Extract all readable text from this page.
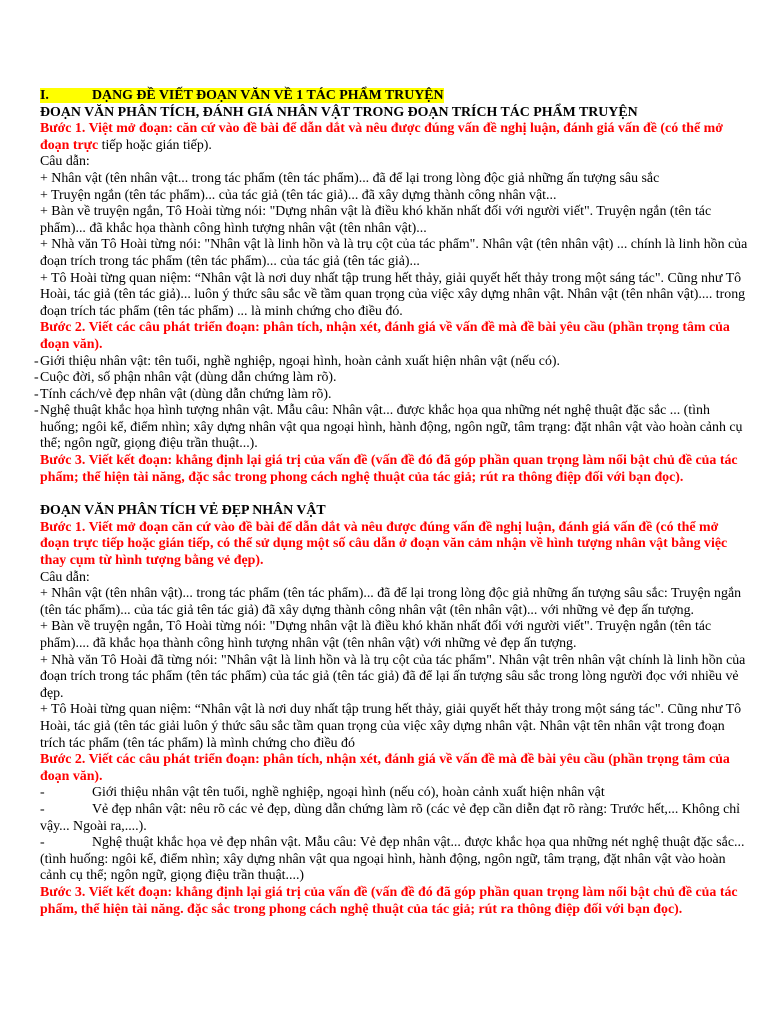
I.	DẠNG ĐỀ VIẾT ĐOẠN VĂN VỀ 1 TÁC PHẨM TRUYỆN

ĐOẠN VĂN PHÂN TÍCH, ĐÁNH GIÁ NHÂN VẬT TRONG ĐOẠN TRÍCH TÁC PHẨM TRUYỆN

Bước 1. Việt mở đoạn: căn cứ vào đề bài để dẫn dắt và nêu được đúng vấn đề nghị luận, đánh giá vấn đề (có thể mở đoạn trực tiếp hoặc gián tiếp).

Câu dẫn:

+ Nhân vật (tên nhân vật... trong tác phẩm (tên tác phẩm)... đã để lại trong lòng độc giả những ấn tượng sâu sắc

+ Truyện ngắn (tên tác phẩm)... của tác giả (tên tác giả)... đã xây dựng thành công nhân vật...

+ Bàn về truyện ngắn, Tô Hoài từng nói: "Dựng nhân vật là điều khó khăn nhất đối với người viết". Truyện ngắn (tên tác phẩm)... đã khắc họa thành công hình tượng nhân vật (tên nhân vật)...

+ Nhà văn Tô Hoài từng nói: "Nhân vật là linh hồn và là trụ cột của tác phẩm". Nhân vật (tên nhân vật) ... chính là linh hồn của đoạn trích trong tác phẩm (tên tác phẩm)... của tác giả (tên tác giả)...

+ Tô Hoài từng quan niệm: “Nhân vật là nơi duy nhất tập trung hết thảy, giải quyết hết thảy trong một sáng tác". Cũng như Tô Hoài, tác giả (tên tác giả)... luôn ý thức sâu sắc về tầm quan trọng của việc xây dựng nhân vật. Nhân vật (tên nhân vật).... trong đoạn trích tác phẩm (tên tác phẩm) ... là minh chứng cho điều đó.

Bước 2. Viết các câu phát triển đoạn: phân tích, nhận xét, đánh giá về vấn đề mà đề bài yêu cầu (phần trọng tâm của đoạn văn).

-Giới thiệu nhân vật: tên tuổi, nghề nghiệp, ngoại hình, hoàn cảnh xuất hiện nhân vật (nếu có).

-Cuộc đời, số phận nhân vật (dùng dẫn chứng làm rõ).

-Tính cách/vẻ đẹp nhân vật (dùng dẫn chứng làm rõ).

-Nghệ thuật khắc họa hình tượng nhân vật. Mẫu câu: Nhân vật... được khắc họa qua những nét nghệ thuật đặc sắc ... (tình huống; ngôi kể, điểm nhìn; xây dựng nhân vật qua ngoại hình, hành động, ngôn ngữ, tâm trạng: đặt nhân vật vào hoàn cảnh cụ thể; ngôn ngữ, giọng điệu trần thuật...).

Bước 3. Viết kết đoạn: khẳng định lại giá trị của vấn đề (vấn đề đó đã góp phần quan trọng làm nổi bật chủ đề của tác phẩm; thể hiện tài năng, đặc sắc trong phong cách nghệ thuật của tác giả; rút ra thông điệp đối với bạn đọc).

ĐOẠN VĂN PHÂN TÍCH VẺ ĐẸP NHÂN VẬT

Bước 1. Viết mở đoạn căn cứ vào đề bài để dẫn dắt và nêu được đúng vấn đề nghị luận, đánh giá vấn đề (có thể mở đoạn trực tiếp hoặc gián tiếp, có thể sử dụng một số câu dẫn ở đoạn văn cảm nhận về hình tượng nhân vật bằng việc thay cụm từ hình tượng bằng vẻ đẹp).

Câu dẫn:

+ Nhân vật (tên nhân vật)... trong tác phẩm (tên tác phẩm)... đã để lại trong lòng độc giả những ấn tượng sâu sắc: Truyện ngắn (tên tác phẩm)... của tác giả tên tác giả) đã xây dựng thành công nhân vật (tên nhân vật)... với những vẻ đẹp ấn tượng.

+ Bàn về truyện ngắn, Tô Hoài từng nói: "Dựng nhân vật là điều khó khăn nhất đối với người viết". Truyện ngắn (tên tác phẩm).... đã khắc họa thành công hình tượng nhân vật (tên nhân vật) với những vẻ đẹp ấn tượng.

+ Nhà văn Tô Hoài đã từng nói: "Nhân vật là linh hồn và là trụ cột của tác phẩm". Nhân vật trên nhân vật chính là linh hồn của đoạn trích trong tác phẩm (tên tác phẩm) của tác giả (tên tác giả) đã để lại ấn tượng sâu sắc trong lòng người đọc với nhiều vẻ đẹp.

+ Tô Hoài từng quan niệm: “Nhân vật là nơi duy nhất tập trung hết thảy, giải quyết hết thảy trong một sáng tác". Cũng như Tô Hoài, tác giả (tên tác giải luôn ý thức sâu sắc tầm quan trọng của việc xây dựng nhân vật. Nhân vật tên nhân vật trong đoạn trích tác phẩm (tên tác phẩm) là mình chứng cho điều đó

Bước 2. Viết các câu phát triển đoạn: phân tích, nhận xét, đánh giá về vấn đề mà đề bài yêu cầu (phần trọng tâm của đoạn văn).

-	Giới thiệu nhân vật tên tuổi, nghề nghiệp, ngoại hình (nếu có), hoàn cảnh xuất hiện nhân vật

-	Vẻ đẹp nhân vật: nêu rõ các vẻ đẹp, dùng dẫn chứng làm rõ (các vẻ đẹp cần diễn đạt rõ ràng: Trước hết,... Không chỉ vậy... Ngoài ra,....).

-	Nghệ thuật khắc họa vẻ đẹp nhân vật. Mẫu câu: Vẻ đẹp nhân vật... được khắc họa qua những nét nghệ thuật đặc sắc... (tình huống: ngôi kể, điểm nhìn; xây dựng nhân vật qua ngoại hình, hành động, ngôn ngữ, tâm trạng, đặt nhân vật vào hoàn cảnh cụ thể; ngôn ngữ, giọng điệu trần thuật....)

Bước 3. Viết kết đoạn: khẳng định lại giá trị của vấn đề (vấn đề đó đã góp phần quan trọng làm nổi bật chủ đề của tác phẩm, thể hiện tài năng. đặc sắc trong phong cách nghệ thuật của tác giả; rút ra thông điệp đối với bạn đọc).
